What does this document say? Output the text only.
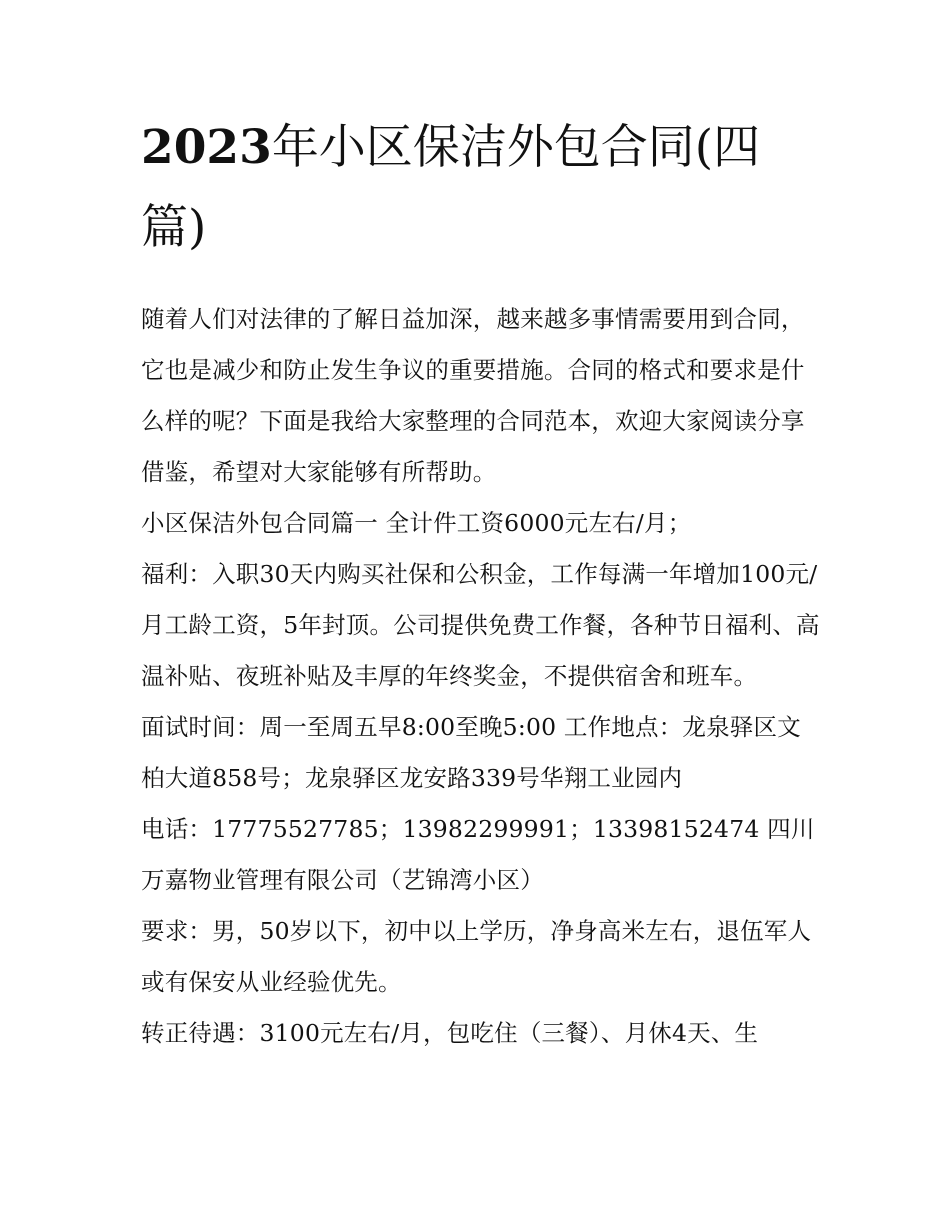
2023年小区保洁外包合同(四篇)

随着人们对法律的了解日益加深，越来越多事情需要用到合同，它也是减少和防止发生争议的重要措施。合同的格式和要求是什么样的呢？下面是我给大家整理的合同范本，欢迎大家阅读分享借鉴，希望对大家能够有所帮助。

小区保洁外包合同篇一 全计件工资6000元左右/月；

福利：入职30天内购买社保和公积金，工作每满一年增加100元/月工龄工资，5年封顶。公司提供免费工作餐，各种节日福利、高温补贴、夜班补贴及丰厚的年终奖金，不提供宿舍和班车。

面试时间：周一至周五早8:00至晚5:00 工作地点：龙泉驿区文柏大道858号；龙泉驿区龙安路339号华翔工业园内

电话：17775527785；13982299991；13398152474 四川万嘉物业管理有限公司（艺锦湾小区）

要求：男，50岁以下，初中以上学历，净身高米左右，退伍军人或有保安从业经验优先。

转正待遇：3100元左右/月，包吃住（三餐）、月休4天、生
